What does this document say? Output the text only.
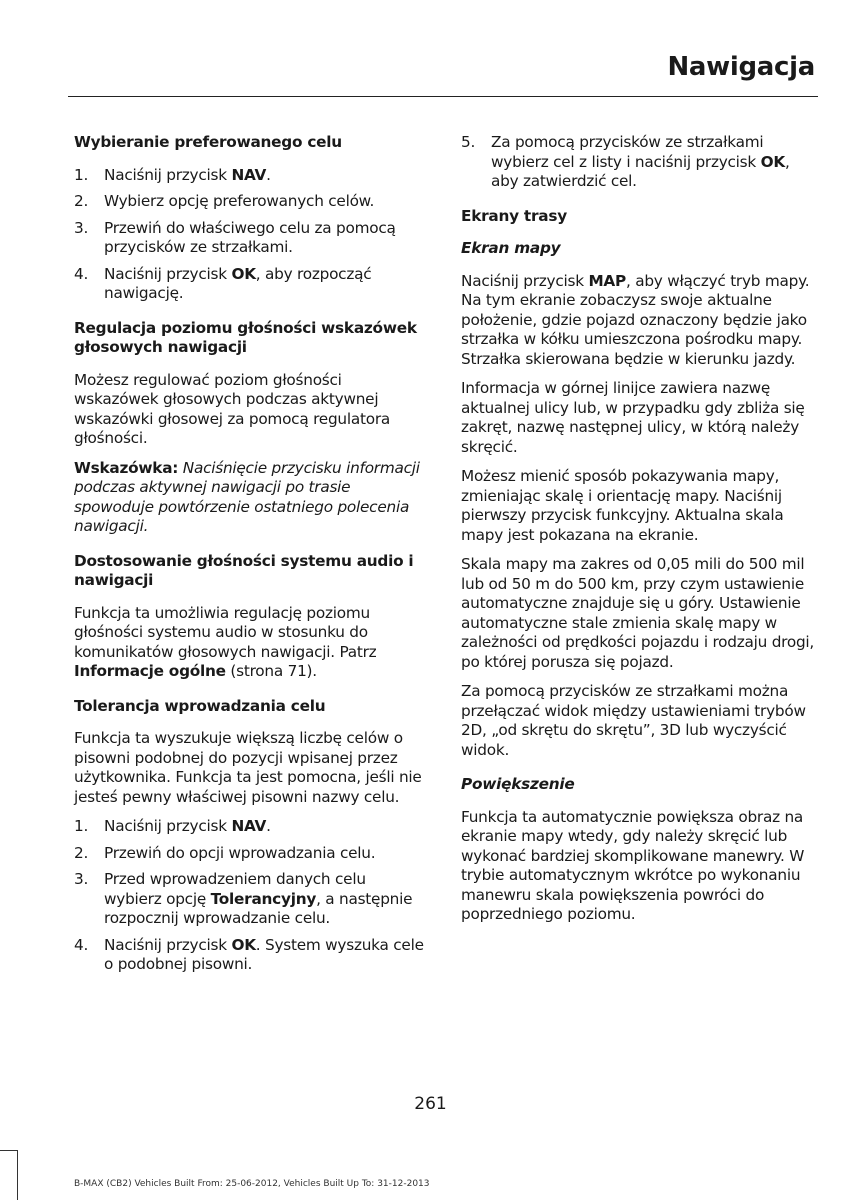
Nawigacja
Wybieranie preferowanego celu
1.	Naciśnij przycisk NAV.
2.	Wybierz opcję preferowanych celów.
3.	Przewiń do właściwego celu za pomocą przycisków ze strzałkami.
4.	Naciśnij przycisk OK, aby rozpocząć nawigację.
Regulacja poziomu głośności wskazówek głosowych nawigacji

Możesz regulować poziom głośności wskazówek głosowych podczas aktywnej wskazówki głosowej za pomocą regulatora głośności.

Wskazówka: Naciśnięcie przycisku informacji podczas aktywnej nawigacji po trasie spowoduje powtórzenie ostatniego polecenia nawigacji.

Dostosowanie głośności systemu audio i nawigacji

Funkcja ta umożliwia regulację poziomu głośności systemu audio w stosunku do komunikatów głosowych nawigacji. Patrz Informacje ogólne (strona 71).

Tolerancja wprowadzania celu

Funkcja ta wyszukuje większą liczbę celów o pisowni podobnej do pozycji wpisanej przez użytkownika. Funkcja ta jest pomocna, jeśli nie jesteś pewny właściwej pisowni nazwy celu.

1.	Naciśnij przycisk NAV.
2.	Przewiń do opcji wprowadzania celu.
3.	Przed wprowadzeniem danych celu wybierz opcję Tolerancyjny, a następnie rozpocznij wprowadzanie celu.
4.	Naciśnij przycisk OK. System wyszuka cele o podobnej pisowni.
5.	Za pomocą przycisków ze strzałkami wybierz cel z listy i naciśnij przycisk OK, aby zatwierdzić cel.
Ekrany trasy
Ekran mapy

Naciśnij przycisk MAP, aby włączyć tryb mapy. Na tym ekranie zobaczysz swoje aktualne położenie, gdzie pojazd oznaczony będzie jako strzałka w kółku umieszczona pośrodku mapy. Strzałka skierowana będzie w kierunku jazdy.

Informacja w górnej linijce zawiera nazwę aktualnej ulicy lub, w przypadku gdy zbliża się zakręt, nazwę następnej ulicy, w którą należy skręcić.

Możesz mienić sposób pokazywania mapy, zmieniając skalę i orientację mapy. Naciśnij pierwszy przycisk funkcyjny. Aktualna skala mapy jest pokazana na ekranie.

Skala mapy ma zakres od 0,05 mili do 500 mil lub od 50 m do 500 km, przy czym ustawienie automatyczne znajduje się u góry. Ustawienie automatyczne stale zmienia skalę mapy w zależności od prędkości pojazdu i rodzaju drogi, po której porusza się pojazd.

Za pomocą przycisków ze strzałkami można przełączać widok między ustawieniami trybów 2D, „od skrętu do skrętu”, 3D lub wyczyścić widok.

Powiększenie

Funkcja ta automatycznie powiększa obraz na ekranie mapy wtedy, gdy należy skręcić lub wykonać bardziej skomplikowane manewry. W trybie automatycznym wkrótce po wykonaniu manewru skala powiększenia powróci do poprzedniego poziomu.

261
B-MAX (CB2) Vehicles Built From: 25-06-2012, Vehicles Built Up To: 31-12-2013
